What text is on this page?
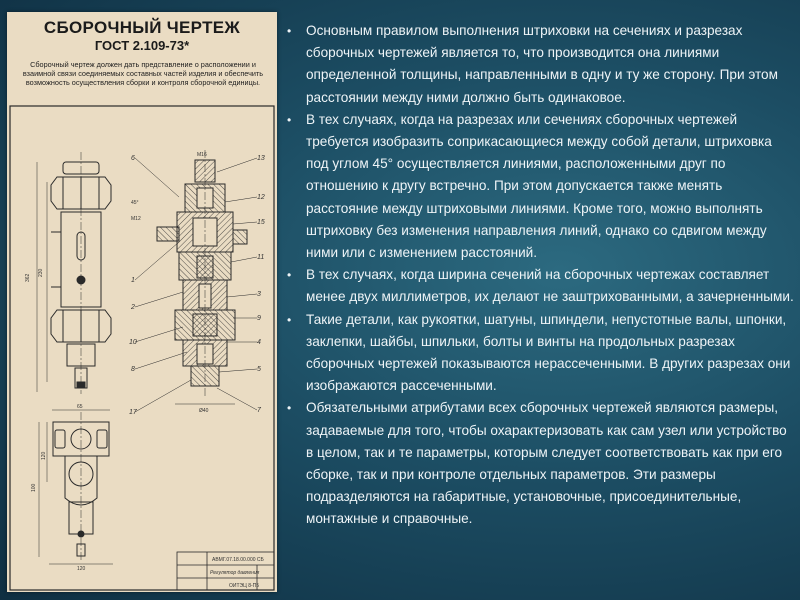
СБОРОЧНЫЙ ЧЕРТЕЖ
ГОСТ 2.109-73*
Сборочный чертеж должен дать представление о расположении и взаимной связи соединяемых составных частей изделия и обеспечить возможность осуществления сборки и контроля сборочной единицы.
362
230
M16
45°
M12
Ø40
6
1
2
10
8
17
13
12
15
11
3
9
4
5
7
65
120
100
120
АВМГ.07.18.00.000 СБ
Регулятор давления
ОИТЭЦ 8-П5

• Основным правилом выполнения штриховки на сечениях и разрезах сборочных чертежей является то, что производится она линиями определенной толщины, направленными в одну и ту же сторону. При этом расстоянии между ними должно быть одинаковое.

• В тех случаях, когда на разрезах или сечениях сборочных чертежей требуется изобразить соприкасающиеся между собой детали, штриховка под углом 45° осуществляется линиями, расположенными друг по отношению к другу встречно. При этом допускается также менять расстояние между штриховыми линиями. Кроме того, можно выполнять штриховку без изменения направления линий, однако со сдвигом между ними или с изменением расстояний.

• В тех случаях, когда ширина сечений на сборочных чертежах составляет менее двух миллиметров, их делают не заштрихованными, а зачерненными.

• Такие детали, как рукоятки, шатуны, шпиндели, непустотные валы, шпонки, заклепки, шайбы, шпильки, болты и винты на продольных разрезах сборочных чертежей показываются нерассеченными. В других разрезах они изображаются рассеченными.

• Обязательными атрибутами всех сборочных чертежей являются размеры, задаваемые для того, чтобы охарактеризовать как сам узел или устройство в целом, так и те параметры, которым следует соответствовать как при его сборке, так и при контроле отдельных параметров. Эти размеры подразделяются на габаритные, установочные, присоединительные, монтажные и справочные.
